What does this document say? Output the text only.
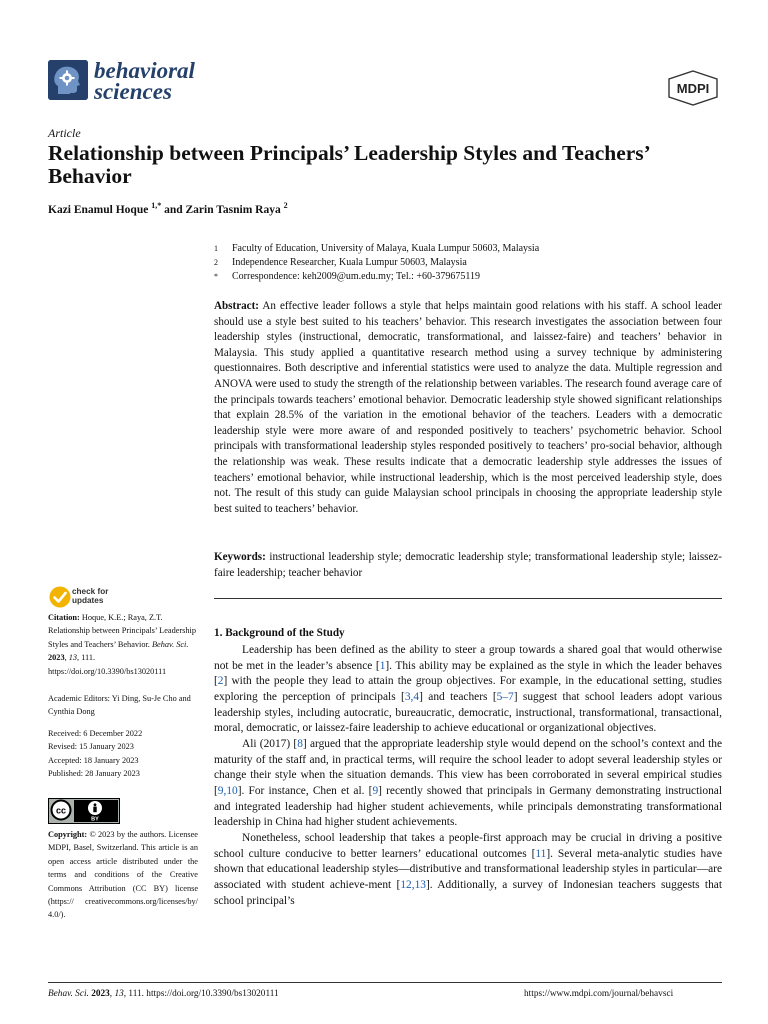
behavioral
sciences	MDPI
Article
Relationship between Principals’ Leadership Styles and Teachers’ Behavior
Kazi Enamul Hoque $^{1,*}$ and Zarin Tasnim Raya $^2$
1 Faculty of Education, University of Malaya, Kuala Lumpur 50603, Malaysia
2 Independence Researcher, Kuala Lumpur 50603, Malaysia
* Correspondence: keh2009@um.edu.my; Tel.: +60-379675119
Abstract: An effective leader follows a style that helps maintain good relations with his staff. A school leader should use a style best suited to his teachers’ behavior. This research investigates the association between four leadership styles (instructional, democratic, transformational, and laissez-faire) and teachers’ behavior in Malaysia. This study applied a quantitative research method using a survey technique by administering questionnaires. Both descriptive and inferential statistics were used to analyze the data. Multiple regression and ANOVA were used to study the strength of the relationship between variables. The research found average care of the principals towards teachers’ emotional behavior. Democratic leadership style showed significant relationships that explain 28.5% of the variation in the emotional behavior of the teachers. Leaders with a democratic leadership style were more aware of and responded positively to teachers’ psychometric behavior. School principals with transformational leadership styles responded positively to teachers’ pro-social behavior, although the relationship was weak. These results indicate that a democratic leadership style addresses the issues of teachers’ emotional behavior, while instructional leadership, which is the most perceived leadership style, does not. The result of this study can guide Malaysian school principals in choosing the appropriate leadership style best suited to teachers’ behavior.
Keywords: instructional leadership style; democratic leadership style; transformational leadership style; laissez-faire leadership; teacher behavior
1. Background of the Study

Leadership has been defined as the ability to steer a group towards a shared goal that would otherwise not be met in the leader’s absence [1]. This ability may be explained as the style in which the leader behaves [2] with the people they lead to attain the group objectives. For example, in the educational setting, studies exploring the perception of principals [3,4] and teachers [5–7] suggest that school leaders adopt various leadership styles, including autocratic, bureaucratic, democratic, instructional, transformational, transactional, moral, democratic, or laissez-faire leadership to achieve educational or organizational objectives.

Ali (2017) [8] argued that the appropriate leadership style would depend on the school’s context and the maturity of the staff and, in practical terms, will require the school leader to adopt several leadership styles or change their style when the situation demands. This view has been corroborated in several empirical studies [9,10]. For instance, Chen et al. [9] recently showed that principals in Germany demonstrating instructional and integrated leadership had higher student achievements, while principals demonstrating transformational leadership in China had higher student achievements.

Nonetheless, school leadership that takes a people-first approach may be crucial in driving a positive school culture conducive to better learners’ educational outcomes [11]. Several meta-analytic studies have shown that educational leadership styles—distributive and transformational leadership styles in particular—are associated with student achieve-ment [12,13]. Additionally, a survey of Indonesian teachers suggests that school principal’s

check for
updates
Citation: Hoque, K.E.; Raya, Z.T. Relationship between Principals’ Leadership Styles and Teachers’ Behavior. Behav. Sci. 2023, 13, 111. https://doi.org/10.3390/bs13020111
Academic Editors: Yi Ding, Su-Je Cho and Cynthia Dong
Received: 6 December 2022
Revised: 15 January 2023
Accepted: 18 January 2023
Published: 28 January 2023
cc
BY
Copyright: © 2023 by the authors. Licensee MDPI, Basel, Switzerland. This article is an open access article distributed under the terms and conditions of the Creative Commons Attribution (CC BY) license (https:// creativecommons.org/licenses/by/ 4.0/).
Behav. Sci. 2023, 13, 111. https://doi.org/10.3390/bs13020111	https://www.mdpi.com/journal/behavsci
